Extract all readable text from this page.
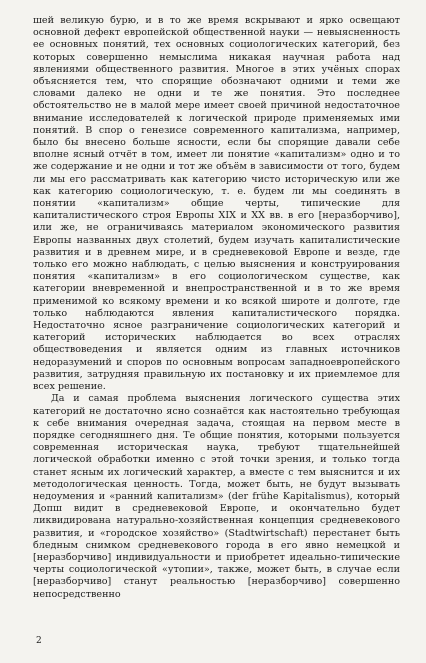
шей великую бурю, и в то же время вскрывают и ярко освещают основной дефект европейской общественной науки — невыясненность ее основных понятий, тех основных социологических категорий, без которых совершенно немыслима никакая научная работа над явлениями общественного развития. Многое в этих учёных спорах объясняется тем, что спорящие обозначают одними и теми же словами далеко не одни и те же понятия. Это последнее обстоятельство не в малой мере имеет своей причиной недостаточное внимание исследователей к логической природе применяемых ими понятий. В спор о генезисе современного капитализма, например, было бы внесено больше ясности, если бы спорящие давали себе вполне ясный отчёт в том, имеет ли понятие «капитализм» одно и то же содержание и не одни и тот же объём в зависимости от того, будем ли мы его рассматривать как категорию чисто историческую или же как категорию социологическую, т. е. будем ли мы соединять в понятии «капитализм» общие черты, типические для капиталистического строя Европы XIX и XX вв. в его [неразборчиво], или же, не ограничиваясь материалом экономического развития Европы названных двух столетий, будем изучать капиталистические развития и в древнем мире, и в средневековой Европе и везде, где только его можно наблюдать, с целью выяснения и конструирования понятия «капитализм» в его социологическом существе, как категории вневременной и внепространственной и в то же время применимой ко всякому времени и ко всякой широте и долготе, где только наблюдаются явления капиталистического порядка. Недостаточно ясное разграничение социологических категорий и категорий исторических наблюдается во всех отраслях обществоведения и является одним из главных источников недоразумений и споров по основным вопросам западноевропейского развития, затрудняя правильную их постановку и их приемлемое для всех решение.

Да и самая проблема выяснения логического существа этих категорий не достаточно ясно сознаётся как настоятельно требующая к себе внимания очередная задача, стоящая на первом месте в порядке сегодняшнего дня. Те общие понятия, которыми пользуется современная историческая наука, требуют тщательнейшей логической обработки именно с этой точки зрения, и только тогда станет ясным их логический характер, а вместе с тем выяснится и их методологическая ценность. Тогда, может быть, не будут вызывать недоумения и «ранний капитализм» (der frühe Kapitalismus), который Допш видит в средневековой Европе, и окончательно будет ликвидирована натурально-хозяйственная концепция средневекового развития, и «городское хозяйство» (Stadtwirtschaft) перестанет быть бледным снимком средневекового города в его явно немецкой и [неразборчиво] индивидуальности и приобретет идеально-типические черты социологической «утопии», также, может быть, в случае если [неразборчиво] станут реальностью [неразборчиво] совершенно непосредственно

2
